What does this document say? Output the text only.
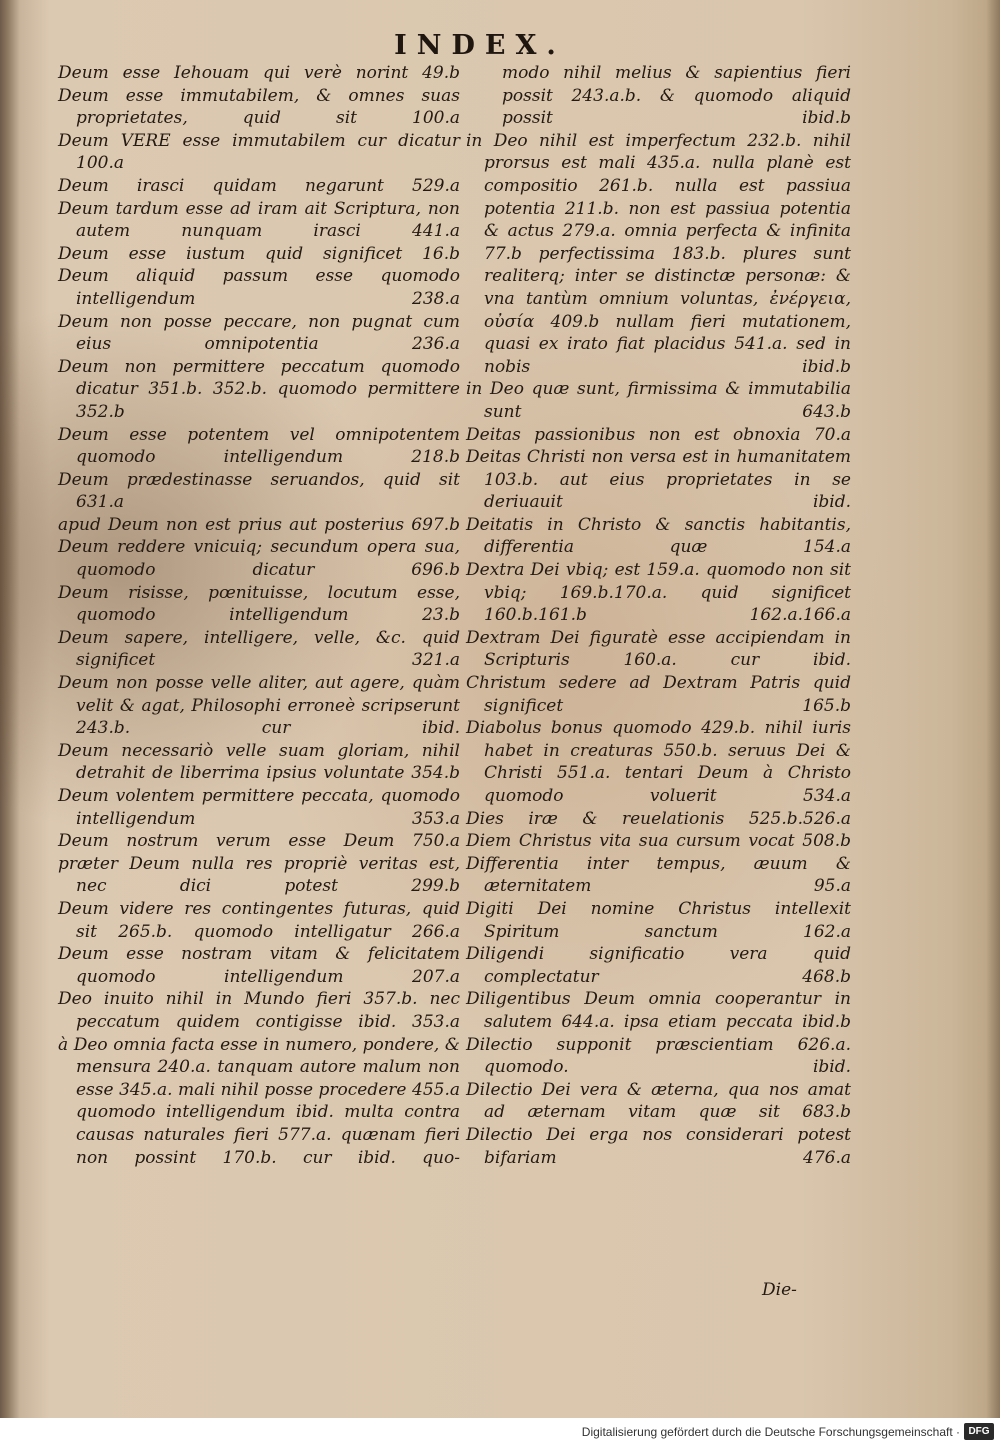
INDEX.

Deum esse Iehouam qui verè norint 49.b

Deum esse immutabilem, & omnes suas proprietates, quid sit 100.a

Deum VERE esse immutabilem cur dicatur 100.a

Deum irasci quidam negarunt 529.a

Deum tardum esse ad iram ait Scriptura, non autem nunquam irasci 441.a

Deum esse iustum quid significet 16.b

Deum aliquid passum esse quomodo intelligendum 238.a

Deum non posse peccare, non pugnat cum eius omnipotentia 236.a

Deum non permittere peccatum quomodo dicatur 351.b. 352.b. quomodo permittere 352.b

Deum esse potentem vel omnipotentem quomodo intelligendum 218.b

Deum prædestinasse seruandos, quid sit 631.a

apud Deum non est prius aut posterius 697.b

Deum reddere vnicuiq; secundum opera sua, quomodo dicatur 696.b

Deum risisse, pœnituisse, locutum esse, quomodo intelligendum 23.b

Deum sapere, intelligere, velle, &c. quid significet 321.a

Deum non posse velle aliter, aut agere, quàm velit & agat, Philosophi erroneè scripserunt 243.b. cur ibid.

Deum necessariò velle suam gloriam, nihil detrahit de liberrima ipsius voluntate 354.b

Deum volentem permittere peccata, quomodo intelligendum 353.a

Deum nostrum verum esse Deum 750.a

præter Deum nulla res propriè veritas est, nec dici potest 299.b

Deum videre res contingentes futuras, quid sit 265.b. quomodo intelligatur 266.a

Deum esse nostram vitam & felicitatem quomodo intelligendum 207.a

Deo inuito nihil in Mundo fieri 357.b. nec peccatum quidem contigisse ibid. 353.a

à Deo omnia facta esse in numero, pondere, & mensura 240.a. tanquam autore malum non esse 345.a. mali nihil posse procedere 455.a quomodo intelligendum ibid. multa contra causas naturales fieri 577.a. quænam fieri non possint 170.b. cur ibid. quo-

modo nihil melius & sapientius fieri possit 243.a.b. & quomodo aliquid possit ibid.b

in Deo nihil est imperfectum 232.b. nihil prorsus est mali 435.a. nulla planè est compositio 261.b. nulla est passiua potentia 211.b. non est passiua potentia & actus 279.a. omnia perfecta & infinita 77.b perfectissima 183.b. plures sunt realiterq; inter se distinctæ personæ: & vna tantùm omnium voluntas, ἐνέργεια, οὐσία 409.b nullam fieri mutationem, quasi ex irato fiat placidus 541.a. sed in nobis ibid.b

in Deo quæ sunt, firmissima & immutabilia sunt 643.b

Deitas passionibus non est obnoxia 70.a

Deitas Christi non versa est in humanitatem 103.b. aut eius proprietates in se deriuauit ibid.

Deitatis in Christo & sanctis habitantis, differentia quæ 154.a

Dextra Dei vbiq; est 159.a. quomodo non sit vbiq; 169.b.170.a. quid significet 160.b.161.b 162.a.166.a

Dextram Dei figuratè esse accipiendam in Scripturis 160.a. cur ibid.

Christum sedere ad Dextram Patris quid significet 165.b

Diabolus bonus quomodo 429.b. nihil iuris habet in creaturas 550.b. seruus Dei & Christi 551.a. tentari Deum à Christo quomodo voluerit 534.a

Dies iræ & reuelationis 525.b.526.a

Diem Christus vita sua cursum vocat 508.b

Differentia inter tempus, æuum & æternitatem 95.a

Digiti Dei nomine Christus intellexit Spiritum sanctum 162.a

Diligendi significatio vera quid complectatur 468.b

Diligentibus Deum omnia cooperantur in salutem 644.a. ipsa etiam peccata ibid.b

Dilectio supponit præscientiam 626.a. quomodo. ibid.

Dilectio Dei vera & æterna, qua nos amat ad æternam vitam quæ sit 683.b

Dilectio Dei erga nos considerari potest bifariam 476.a

Die-
Digitalisierung gefördert durch die Deutsche Forschungsgemeinschaft · DFG
